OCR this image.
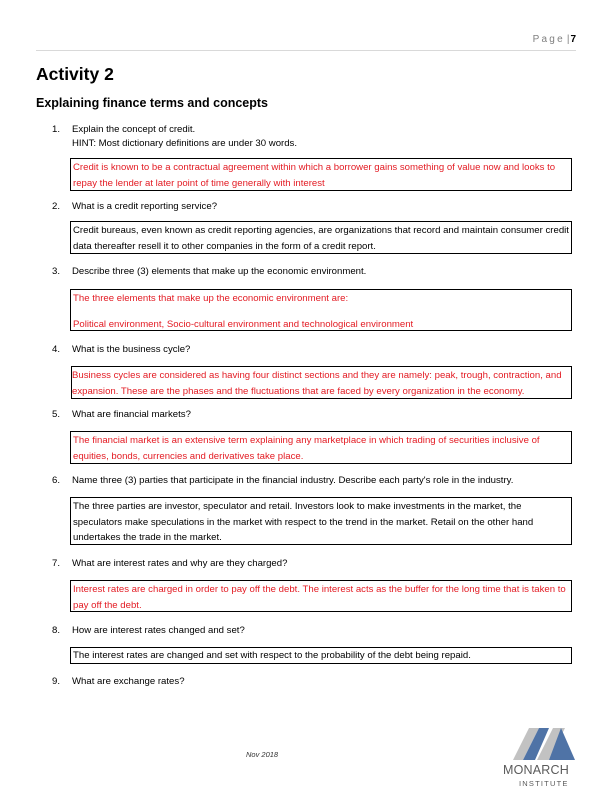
Page |7
Activity 2
Explaining finance terms and concepts
1. Explain the concept of credit.
HINT: Most dictionary definitions are under 30 words.
Credit is known to be a contractual agreement within which a borrower gains something of value now and looks to repay the lender at later point of time generally with interest
2. What is a credit reporting service?
Credit bureaus, even known as credit reporting agencies, are organizations that record and maintain consumer credit data thereafter resell it to other companies in the form of a credit report.
3. Describe three (3) elements that make up the economic environment.
The three elements that make up the economic environment are:
Political environment, Socio-cultural environment and technological environment
4. What is the business cycle?
Business cycles are considered as having four distinct sections and they are namely: peak, trough, contraction, and expansion. These are the phases and the fluctuations that are faced by every organization in the economy.
5. What are financial markets?
The financial market is an extensive term explaining any marketplace in which trading of securities inclusive of equities, bonds, currencies and derivatives take place.
6. Name three (3) parties that participate in the financial industry. Describe each party's role in the industry.
The three parties are investor, speculator and retail. Investors look to make investments in the market, the speculators make speculations in the market with respect to the trend in the market. Retail on the other hand undertakes the trade in the market.
7. What are interest rates and why are they charged?
Interest rates are charged in order to pay off the debt. The interest acts as the buffer for the long time that is taken to pay off the debt.
8. How are interest rates changed and set?
The interest rates are changed and set with respect to the probability of the debt being repaid.
9. What are exchange rates?
Nov 2018
MONARCH
INSTITUTE
